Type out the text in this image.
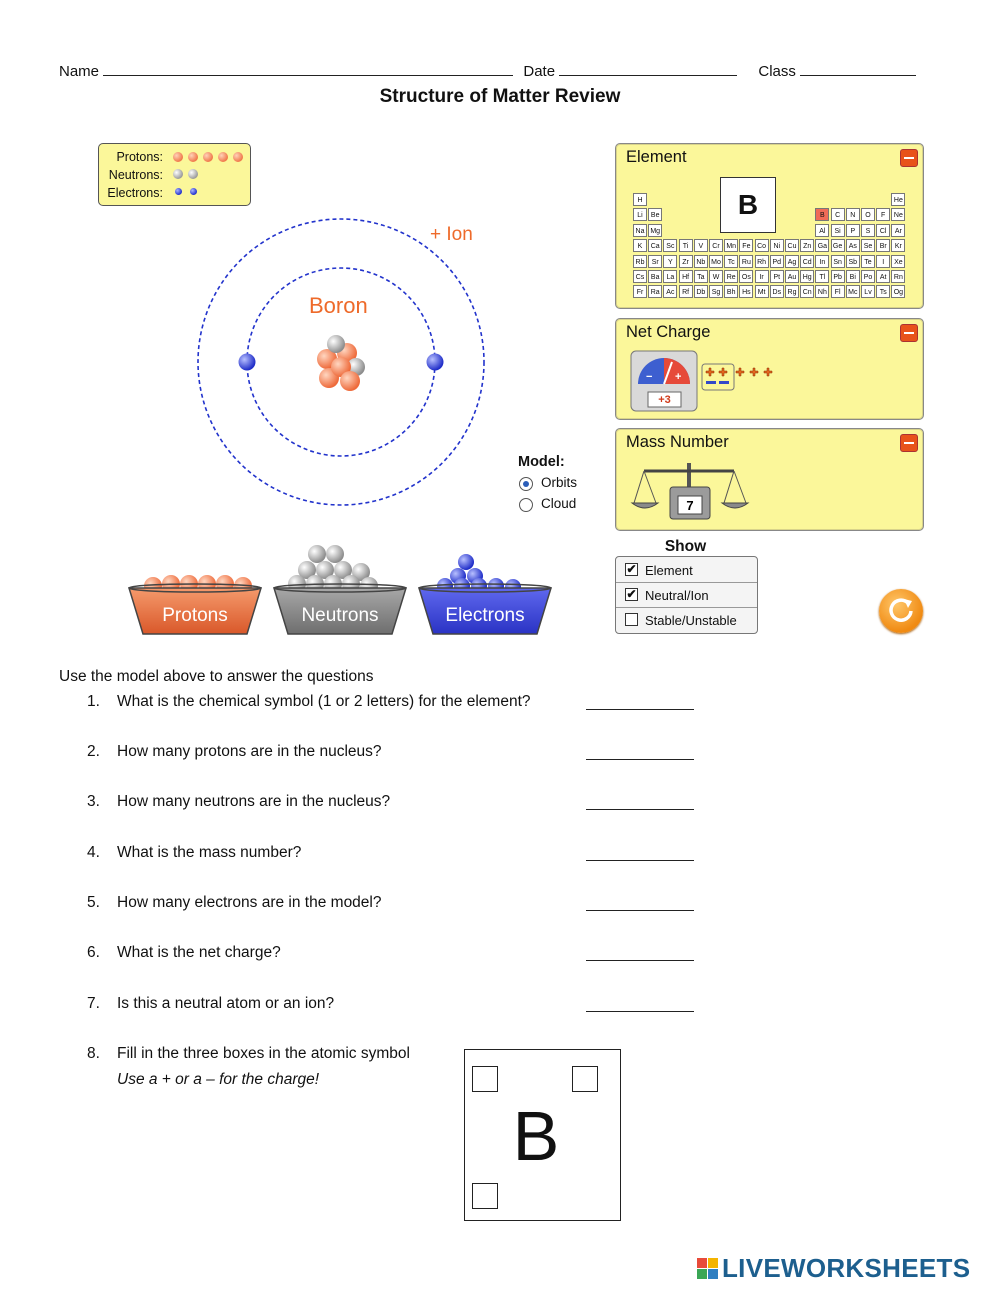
Name	Date	Class
Structure of Matter Review
Protons:
Neutrons:
Electrons:
Boron
+ Ion
Model:
Orbits
Cloud
Protons	Neutrons	Electrons
Element
B
H	He
Li	Be	B	C	N	O	F	Ne
Na Mg	Al	Si	P	S	Cl	Ar
K	Ca Sc	Ti	V	Cr Mn Fe Co	Ni	Cu Zn Ga Ge As Se	Br	Kr
Rb	Sr	Y	Zr	Nb Mo Tc	Ru Rh Pd Ag Cd	In	Sn Sb	Te	I	Xe
Cs Ba	La	Hf	Ta	W	Re Os	Ir	Pt	Au Hg	Tl	Pb	Bi	Po	At	Rn
Fr	Ra Ac	Rf	Db Sg Bh Hs	Mt	Ds Rg Cn Nh	Fl	Mc Lv	Ts	Og
Net Charge
− +
+3
Mass Number
7
Show
✔ Element
✔ Neutral/Ion
Stable/Unstable
Use the model above to answer the questions
1. What is the chemical symbol (1 or 2 letters) for the element?
2. How many protons are in the nucleus?
3. How many neutrons are in the nucleus?
4. What is the mass number?
5. How many electrons are in the model?
6. What is the net charge?
7. Is this a neutral atom or an ion?
8. Fill in the three boxes in the atomic symbol
Use a + or a – for the charge!
B
LIVEWORKSHEETS
